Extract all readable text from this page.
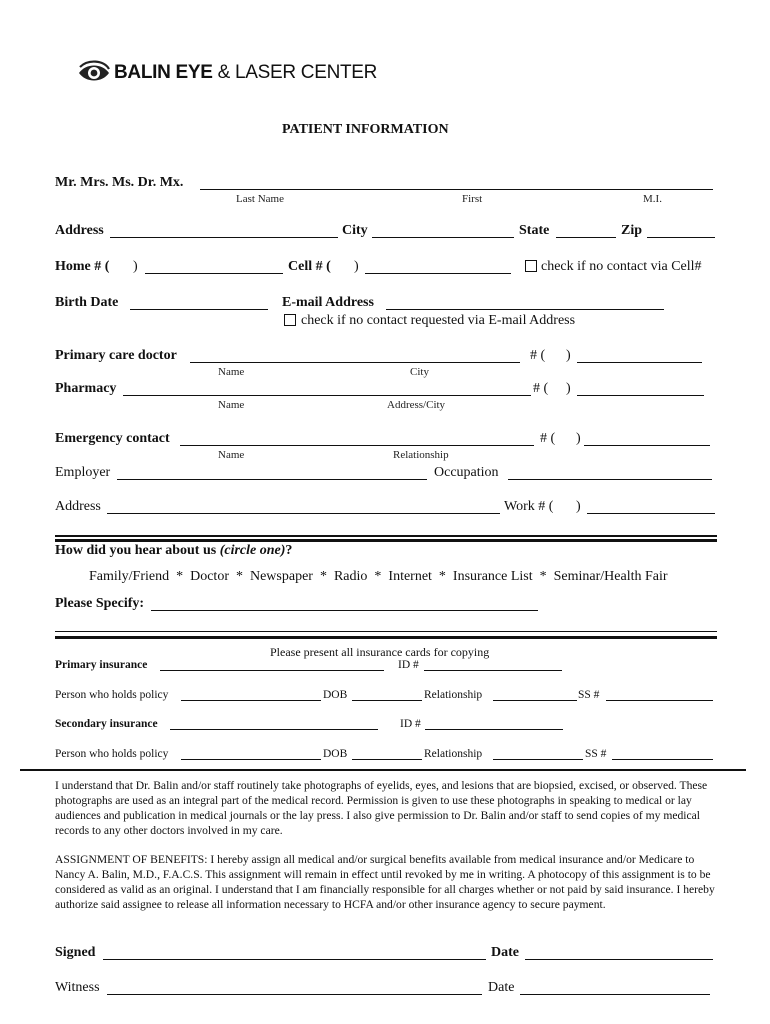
BALIN EYE & LASER CENTER
PATIENT INFORMATION
Mr. Mrs. Ms. Dr. Mx.
Last Name	First	M.I.
Address	City	State	Zip
Home # ( )	Cell # ( )	check if no contact via Cell#
Birth Date	E-mail Address
check if no contact requested via E-mail Address
Primary care doctor	# ( )
Name	City
Pharmacy	# ( )
Name	Address/City
Emergency contact	# ( )
Name	Relationship
Employer	Occupation
Address	Work # ( )
How did you hear about us (circle one)?
Family/Friend  *  Doctor  *  Newspaper  *  Radio  *  Internet  *  Insurance List  *  Seminar/Health Fair
Please Specify:
Please present all insurance cards for copying
Primary insurance	ID #
Person who holds policy	DOB	Relationship	SS #
Secondary insurance	ID #
Person who holds policy	DOB	Relationship	SS #
I understand that Dr. Balin and/or staff routinely take photographs of eyelids, eyes, and lesions that are biopsied, excised, or observed. These photographs are used as an integral part of the medical record. Permission is given to use these photographs in speaking to medical or lay audiences and publication in medical journals or the lay press. I also give permission to Dr. Balin and/or staff to send copies of my medical records to any other doctors involved in my care.
ASSIGNMENT OF BENEFITS: I hereby assign all medical and/or surgical benefits available from medical insurance and/or Medicare to Nancy A. Balin, M.D., F.A.C.S. This assignment will remain in effect until revoked by me in writing. A photocopy of this assignment is to be considered as valid as an original. I understand that I am financially responsible for all charges whether or not paid by said insurance. I hereby authorize said assignee to release all information necessary to HCFA and/or other insurance agency to secure payment.
Signed	Date
Witness	Date
